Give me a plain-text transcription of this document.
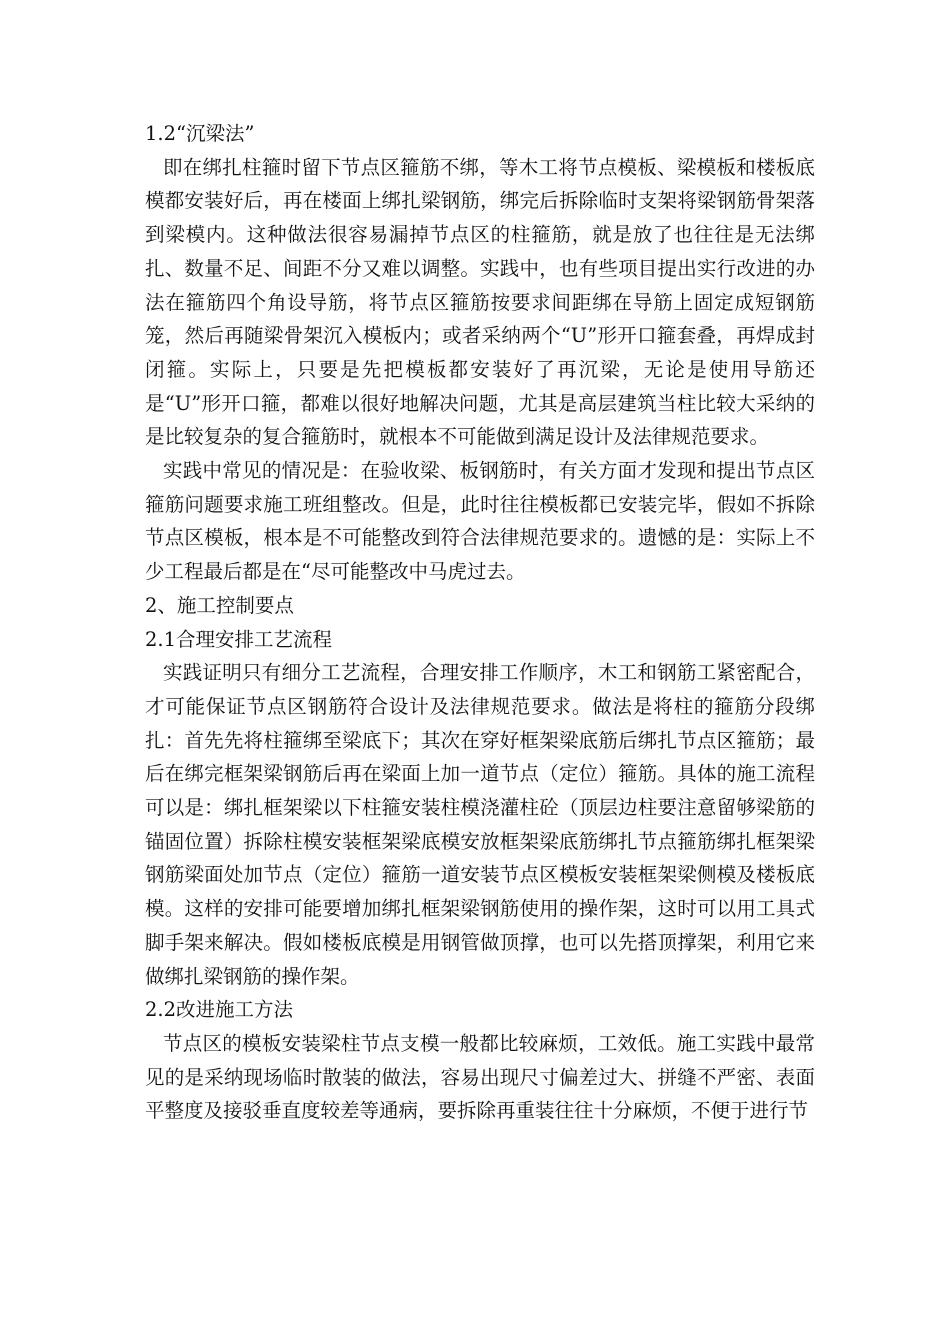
1.2“沉梁法”

即在绑扎柱箍时留下节点区箍筋不绑，等木工将节点模板、梁模板和楼板底模都安装好后，再在楼面上绑扎梁钢筋，绑完后拆除临时支架将梁钢筋骨架落到梁模内。这种做法很容易漏掉节点区的柱箍筋，就是放了也往往是无法绑扎、数量不足、间距不分又难以调整。实践中，也有些项目提出实行改进的办法在箍筋四个角设导筋，将节点区箍筋按要求间距绑在导筋上固定成短钢筋笼，然后再随梁骨架沉入模板内；或者采纳两个“U”形开口箍套叠，再焊成封闭箍。实际上，只要是先把模板都安装好了再沉梁，无论是使用导筋还是“U”形开口箍，都难以很好地解决问题，尤其是高层建筑当柱比较大采纳的是比较复杂的复合箍筋时，就根本不可能做到满足设计及法律规范要求。

实践中常见的情况是：在验收梁、板钢筋时，有关方面才发现和提出节点区箍筋问题要求施工班组整改。但是，此时往往模板都已安装完毕，假如不拆除节点区模板，根本是不可能整改到符合法律规范要求的。遗憾的是：实际上不少工程最后都是在“尽可能整改中马虎过去。

2、施工控制要点

2.1合理安排工艺流程

实践证明只有细分工艺流程，合理安排工作顺序，木工和钢筋工紧密配合，才可能保证节点区钢筋符合设计及法律规范要求。做法是将柱的箍筋分段绑扎：首先先将柱箍绑至梁底下；其次在穿好框架梁底筋后绑扎节点区箍筋；最后在绑完框架梁钢筋后再在梁面上加一道节点（定位）箍筋。具体的施工流程可以是：绑扎框架梁以下柱箍安装柱模浇灌柱砼（顶层边柱要注意留够梁筋的锚固位置）拆除柱模安装框架梁底模安放框架梁底筋绑扎节点箍筋绑扎框架梁钢筋梁面处加节点（定位）箍筋一道安装节点区模板安装框架梁侧模及楼板底模。这样的安排可能要增加绑扎框架梁钢筋使用的操作架，这时可以用工具式脚手架来解决。假如楼板底模是用钢管做顶撑，也可以先搭顶撑架，利用它来做绑扎梁钢筋的操作架。

2.2改进施工方法

节点区的模板安装梁柱节点支模一般都比较麻烦，工效低。施工实践中最常见的是采纳现场临时散装的做法，容易出现尺寸偏差过大、拼缝不严密、表面平整度及接驳垂直度较差等通病，要拆除再重装往往十分麻烦，不便于进行节
